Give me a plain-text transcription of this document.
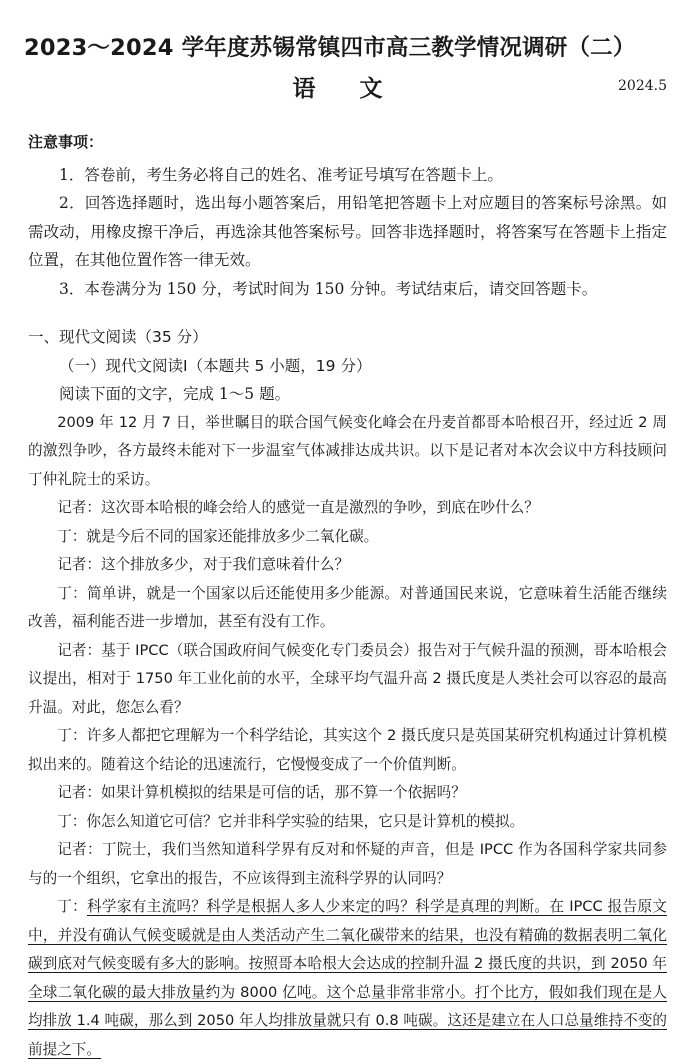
2023～2024 学年度苏锡常镇四市高三教学情况调研（二）
语 文	2024.5
注意事项：

1．答卷前，考生务必将自己的姓名、准考证号填写在答题卡上。

2．回答选择题时，选出每小题答案后，用铅笔把答题卡上对应题目的答案标号涂黑。如需改动，用橡皮擦干净后，再选涂其他答案标号。回答非选择题时，将答案写在答题卡上指定位置，在其他位置作答一律无效。

3．本卷满分为 150 分，考试时间为 150 分钟。考试结束后，请交回答题卡。

一、现代文阅读（35 分）
（一）现代文阅读Ⅰ（本题共 5 小题，19 分）
阅读下面的文字，完成 1～5 题。

2009 年 12 月 7 日，举世瞩目的联合国气候变化峰会在丹麦首都哥本哈根召开，经过近 2 周的激烈争吵，各方最终未能对下一步温室气体减排达成共识。以下是记者对本次会议中方科技顾问丁仲礼院士的采访。

记者：这次哥本哈根的峰会给人的感觉一直是激烈的争吵，到底在吵什么？

丁：就是今后不同的国家还能排放多少二氧化碳。

记者：这个排放多少，对于我们意味着什么？

丁：简单讲，就是一个国家以后还能使用多少能源。对普通国民来说，它意味着生活能否继续改善，福利能否进一步增加，甚至有没有工作。

记者：基于 IPCC（联合国政府间气候变化专门委员会）报告对于气候升温的预测，哥本哈根会议提出，相对于 1750 年工业化前的水平，全球平均气温升高 2 摄氏度是人类社会可以容忍的最高升温。对此，您怎么看？

丁：许多人都把它理解为一个科学结论，其实这个 2 摄氏度只是英国某研究机构通过计算机模拟出来的。随着这个结论的迅速流行，它慢慢变成了一个价值判断。

记者：如果计算机模拟的结果是可信的话，那不算一个依据吗？

丁：你怎么知道它可信？它并非科学实验的结果，它只是计算机的模拟。

记者：丁院士，我们当然知道科学界有反对和怀疑的声音，但是 IPCC 作为各国科学家共同参与的一个组织，它拿出的报告，不应该得到主流科学界的认同吗？

丁：科学家有主流吗？科学是根据人多人少来定的吗？科学是真理的判断。在 IPCC 报告原文中，并没有确认气候变暖就是由人类活动产生二氧化碳带来的结果，也没有精确的数据表明二氧化碳到底对气候变暖有多大的影响。按照哥本哈根大会达成的控制升温 2 摄氏度的共识，到 2050 年全球二氧化碳的最大排放量约为 8000 亿吨。这个总量非常非常小。打个比方，假如我们现在是人均排放 1.4 吨碳，那么到 2050 年人均排放量就只有 0.8 吨碳。这还是建立在人口总量维持不变的前提之下。
